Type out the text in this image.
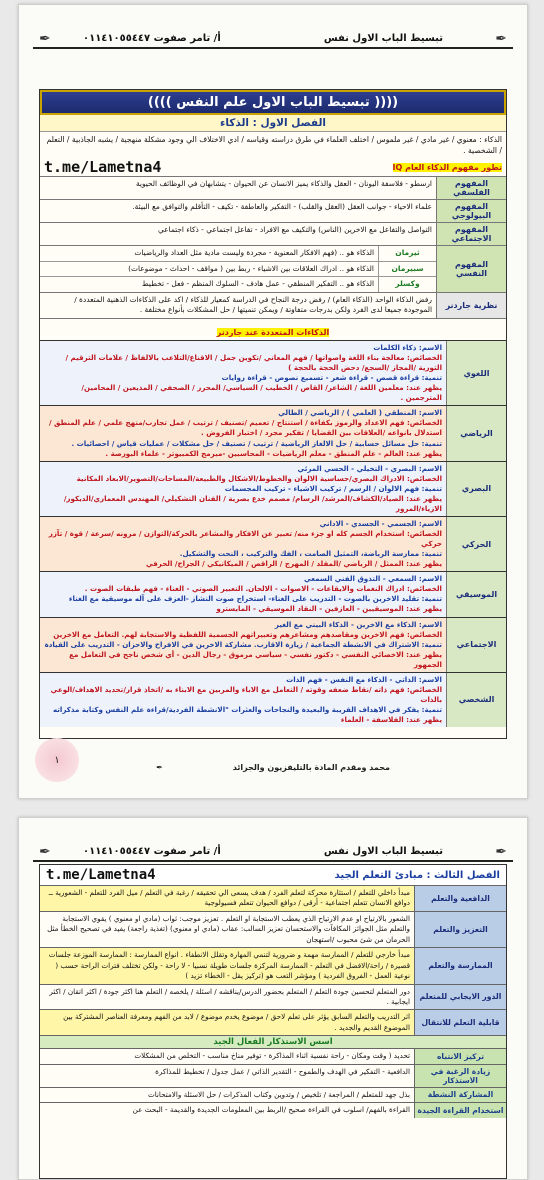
تبسيط الباب الاول نفس
أ/ تامر صفوت ٠١١٤١٠٥٥٤٤٧	✒
✒
(((( تبسيط الباب الاول علم النفس ))))
الفصل الاول : الذكاء
الذكاء : معنوي / غير مادي / غير ملموس / اختلف العلماء في طرق دراسته وقياسه / ادي الاختلاف الي وجود مشكلة منهجية / يشبه الجاذبية / التعلم / الشخصية .
تطور مفهوم الذكاء العام IQ
t.me/Lametna4
المفهوم الفلسفي
ارسطو - فلاسفة اليونان - العقل والذكاء يميز الانسان عن الحيوان - يتشابهان في الوظائف الحيوية
المفهوم البيولوجي
علماء الاحياء - جوانب العقل (العقل والقلب) - التفكير والعاطفة - تكيف - التأقلم والتوافق مع البيئة.
المفهوم الاجتماعي
التواصل والتفاعل مع الاخرين (الناس) والتكيف مع الافراد - تفاعل اجتماعي - ذكاء اجتماعي
المفهوم النفسي
ثيرمان
الذكاء هو .. (فهم الافكار المعنوية - مجردة وليست مادية مثل العداد والرياضيات
سبيرمان
الذكاء هو .. ادراك العلاقات بين الاشياء - ربط بين ( مواقف - احداث - موضوعات)
وكسلر
الذكاء هو .. التفكير المنطقي - عمل هادف - السلوك المنظم - فعل - تخطيط
نظرية جاردنر
رفض الذكاء الواحد (الذكاء العام) / رفض درجة النجاح في الدراسة كمعيار للذكاء / اكد على الذكاءات الذهنية المتعددة / الموجودة جميعا لدى الفرد ولكن بدرجات متفاوتة / ويمكن تنميتها / حل المشكلات بأنواع مختلفة .
الذكاءات المتعددة عند جاردنر
اللغوي
الاسم: ذكاء الكلمات
الخصائص: معالجة بناء اللغة واصواتها / فهم المعاني /تكوين جمل / الاقناع/التلاعب بالالفاظ / علامات الترقيم /التورية /المجاز /السجع/ دحض الحجة بالحجة )
تنمية: قراءة قصص - قراءة شعر - تسميع نصوص - قراءة روايات
يظهر عند: معلمين اللغة / الشاعر/ القاص / الخطيب / السياسي/ المحرر / الصحفي / المذيعين / المحامين/ المترجمين .
الرياضي
الاسم: المنطقي ( العلمي ) / الرياضي / الطالي
الخصائص: فهم الاعداد والرموز بكفاءة / استنتاج / تعميم /تصنيف / ترتيب / عمل تجارب/منهج علمي / علم المنطق / استدلال بانواعه /العلاقات بين القضايا / تفكير مجرد / اختبار الفروض .
تنمية: حل مسائل حسابية / حل الالغاز الرياضية / ترتيب / تصنيف / حل مشكلات / عمليات قياس / احصائيات .
يظهر عند: العالم - علم المنطق - معلم الرياضيات - المحاسبين -مبرمج الكمبيوتر - علماء البورصة .
البصري
الاسم: البصري - التخيلي - الحسي المرئي
الخصائص: الادراك البصري/حساسية الالوان والخطوط/الاشكال والطبيعة/المساحات/التصوير/الابعاد المكانية
تنمية: فهم الالوان / الرسم / تركيب الاشياء - تركيب المجسمات
يظهر عند: الصياد/الكشاف/المرشد/ الرسام/ مصمم خدع بصرية / الفنان التشكيلي/ المهندس المعماري/الديكور/ الازياء/المرور
الحركي
الاسم: الجسمي - الجسدي - الاداني
الخصائص: استخدام الجسم كله او جزء منه/ تعبير عن الافكار والمشاعر بالحركة/التوازن / مرونه /سرعة / قوة / تآزر حركي
تنمية: ممارسة الرياضة، التمثيل الصامت ، الفك والتركيب ، النحت والتشكيل.
يظهر عند: الممثل / الرياضي /المقلد / المهرج / الراقص / الميكانيكي / الجراح/ الحرفي
الموسيقي
الاسم: السمعي - التذوق الفني السمعي
الخصائص: ادراك النغمات والايقاعات - الاصوات - الالحان. التعبير الصوتي - الغناء - فهم طبقات الصوت .
تنمية: تقليد الاخرين بالصوت - التدريب على الغناء- استخراج صوت النشاز -العزف على آله موسيقية مع الغناء
يظهر عند: الموسيقيين - العازفين - النقاد الموسيقي - المايسترو
الاجتماعي
الاسم: الذكاء مع الاخرين - الذكاء البيني مع الغير
الخصائص: فهم الاخرين ومقاصدهم ومشاعرهم وتعبيراتهم الجسمية اللفظية والاستجابة لهم. التعامل مع الاخرين
تنمية: الاشتراك في الانشطة الجماعية / زيارة الاقارب. مشاركة الاخرين في الافراح والاحزان - التدريب على القيادة
يظهر عند: الاخصائي النفسي - دكتور نفسي - سياسي مرموق - رجال الدين - أي شخص ناجح في التعامل مع الجمهور
الشخصي
الاسم: الذاتي - الذكاء مع النفس - فهم الذات
الخصائص: فهم ذاته /نقاط ضعفه وقوته / التعامل مع الاباء والمربين مع الابناء به /اتخاذ قرار/تحديد الاهداف/الوعي بالذات
تنمية: يفكر في الاهداف القريبة والبعيدة والنجاحات والعثرات "الانشطة الفردية/قراءة علم النفس وكتابة مذكراته
يظهر عند: الفلاسفة - العلماء
محمد ومقدم المادة بالتليفزيون والجرائد
✒
١
تبسيط الباب الاول نفس
أ/ تامر صفوت ٠١١٤١٠٥٥٤٤٧	✒
✒
الفصل الثالث : مبادئ التعلم الجيد
t.me/Lametna4
الدافعية والتعلم
مبدأ داخلي للتعلم / استثارة محركة لتعلم الفرد / هدف يسعى الي تحقيقه / رغبة في التعلم / ميل الفرد للتعلم - الشعورية ــ دوافع الانسان تتعلم اجتماعية - أرقى / دوافع الحيوان تتعلم فسيولوجية
التعزيز والتعلم
الشعور بالارتياح او عدم الارتياح الذي يعطب الاستجابة او التعلم . تعزيز موجب: ثواب (مادي او معنوي ) يقوي الاستجابة والتعلم مثل الجوائز المكافآت والاستحسان تعزيز السالب: عقاب (مادي او معنوي) (تغذية راجعة) يفيد في تصحيح الخطأ مثل الحرمان من شئ محبوب /استهجان
الممارسة والتعلم
مبدأ خارجي للتعلم / الممارسة مهمة و ضرورية لتنمي المهارة وتقلل الانطفاء . انواع الممارسة : الممارسة الموزعة جلسات قصيرة / راحة/الافضل في التعلم - الممارسة المركزة جلسات طويلة نسبيا - لا راحة - ولكن تختلف فترات الراحة حسب ( نوعية العمل - الفروق الفردية ) ومؤشر التعب هو (تركيز يقل - الخطاء تزيد )
الدور الايجابي للمتعلم
دور المتعلم لتحسين جودة التعلم / المتعلم بحضور الدرس/يناقشه / اسئلة / يلخصه / التعلم هنا اكثر جودة / اكثر اتقان / اكثر ايجابية .
قابلية التعلم للانتقال
اثر التدريب والتعلم السابق يؤثر على تعلم لاحق / موضوع يخدم موضوع / لابد من الفهم ومعرفة العناصر المشتركة بين الموضوع القديم والجديد .
اسس الاستذكار الفعال الجيد
تركيز الانتباه
تحديد ( وقت ومكان - راحة نفسية اثناء المذاكرة - توفير مناخ مناسب - التخلص من المشكلات
زيادة الرغبة في الاستذكار
الدافعية - التفكير في الهدف والطموح - التقدير الذاتي / عمل جدول / تخطيط للمذاكرة
المشاركة النشطة
بذل جهد للمتعلم / المراجعة / تلخيص / وتدوين وكتاب المذكرات / حل الاسئلة والامتحانات
استخدام القراءة الجيدة
القراءة بالفهم/ اسلوب في القراءة صحيح /الربط بين المعلومات الجديدة والقديمة - البحث عن
